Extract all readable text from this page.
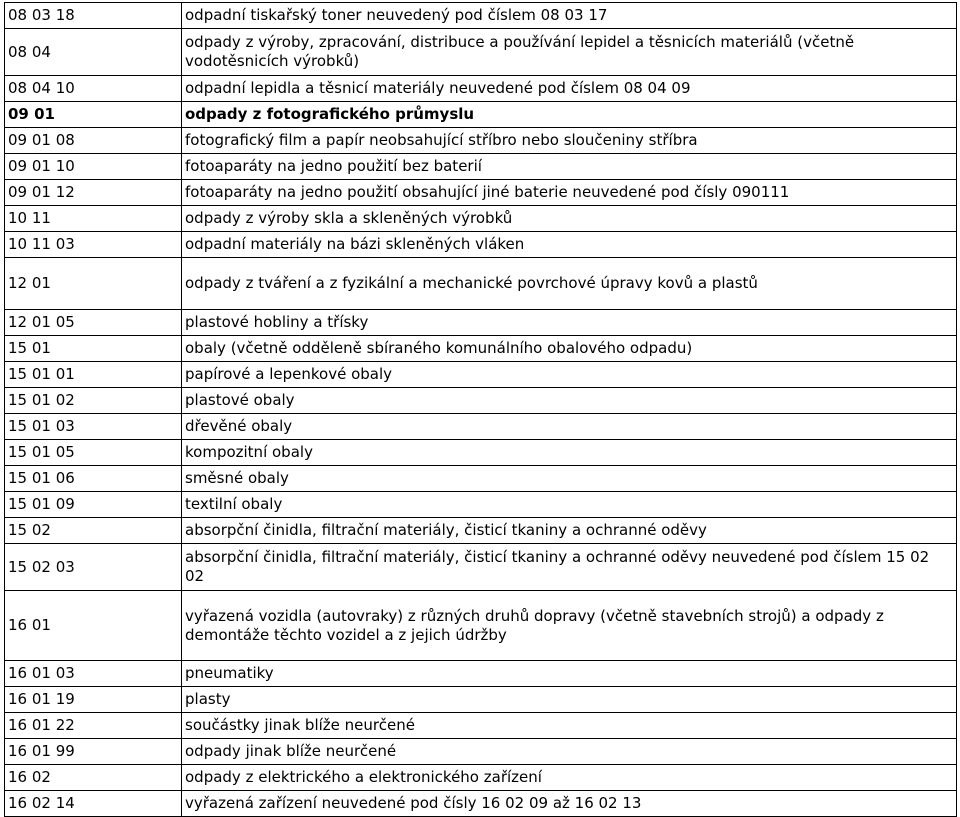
08 03 18	odpadní tiskařský toner neuvedený pod číslem 08 03 17
08 04	odpady z výroby, zpracování, distribuce a používání lepidel a těsnicích materiálů (včetně vodotěsnicích výrobků)
08 04 10	odpadní lepidla a těsnicí materiály neuvedené pod číslem 08 04 09
09 01	odpady z fotografického průmyslu
09 01 08	fotografický film a papír neobsahující stříbro nebo sloučeniny stříbra
09 01 10	fotoaparáty na jedno použití bez baterií
09 01 12	fotoaparáty na jedno použití obsahující jiné baterie neuvedené pod čísly 090111
10 11	odpady z výroby skla a skleněných výrobků
10 11 03	odpadní materiály na bázi skleněných vláken
12 01	odpady z tváření a z fyzikální a mechanické povrchové úpravy kovů a plastů
12 01 05	plastové hobliny a třísky
15 01	obaly (včetně odděleně sbíraného komunálního obalového odpadu)
15 01 01	papírové a lepenkové obaly
15 01 02	plastové obaly
15 01 03	dřevěné obaly
15 01 05	kompozitní obaly
15 01 06	směsné obaly
15 01 09	textilní obaly
15 02	absorpční činidla, filtrační materiály, čisticí tkaniny a ochranné oděvy
15 02 03	absorpční činidla, filtrační materiály, čisticí tkaniny a ochranné oděvy neuvedené pod číslem 15 02 02
16 01	vyřazená vozidla (autovraky) z různých druhů dopravy (včetně stavebních strojů) a odpady z demontáže těchto vozidel a z jejich údržby
16 01 03	pneumatiky
16 01 19	plasty
16 01 22	součástky jinak blíže neurčené
16 01 99	odpady jinak blíže neurčené
16 02	odpady z elektrického a elektronického zařízení
16 02 14	vyřazená zařízení neuvedené pod čísly 16 02 09 až 16 02 13
